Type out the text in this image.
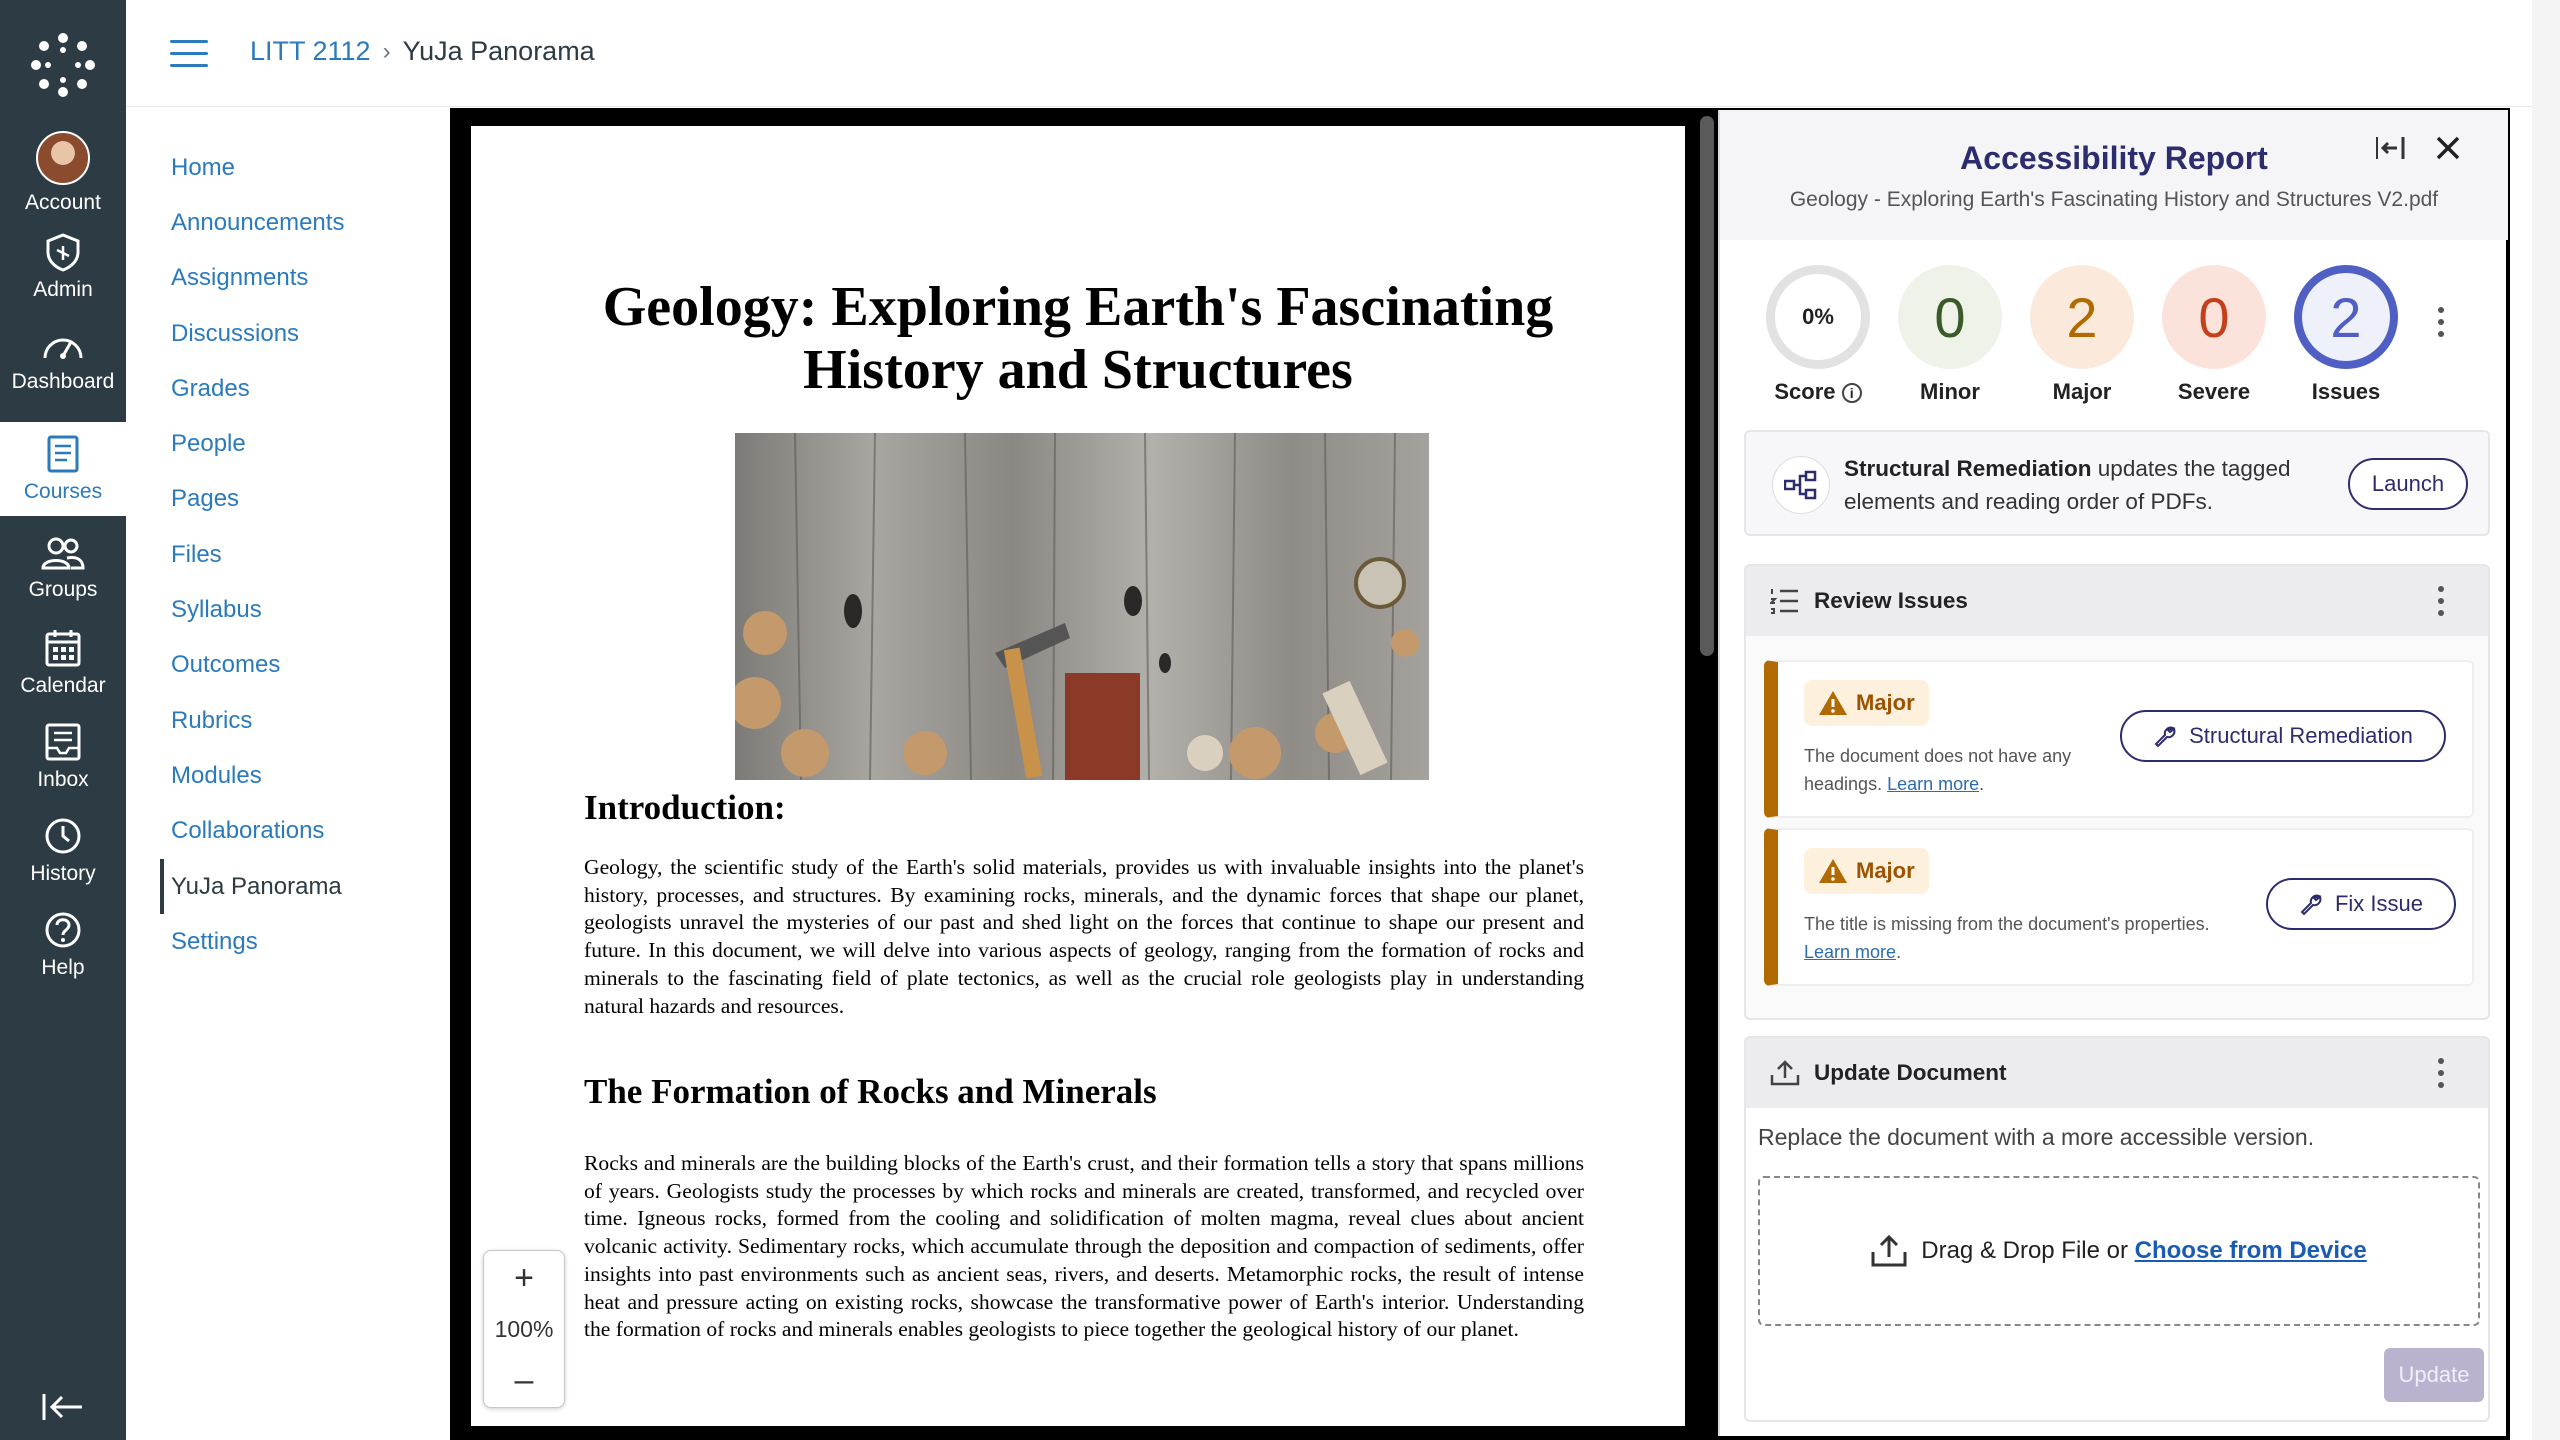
Account
Admin
Dashboard
Courses
Groups
Calendar
Inbox
History
Help
LITT 2112 › YuJa Panorama
Home
Announcements
Assignments
Discussions
Grades
People
Pages
Files
Syllabus
Outcomes
Rubrics
Modules
Collaborations
YuJa Panorama
Settings
Geology: Exploring Earth's Fascinating
History and Structures
Introduction:
Geology, the scientific study of the Earth's solid materials, provides us with invaluable insights into the planet's history, processes, and structures. By examining rocks, minerals, and the dynamic forces that shape our planet, geologists unravel the mysteries of our past and shed light on the forces that continue to shape our present and future. In this document, we will delve into various aspects of geology, ranging from the formation of rocks and minerals to the fascinating field of plate tectonics, as well as the crucial role geologists play in understanding natural hazards and resources.
The Formation of Rocks and Minerals
Rocks and minerals are the building blocks of the Earth's crust, and their formation tells a story that spans millions of years. Geologists study the processes by which rocks and minerals are created, transformed, and recycled over time. Igneous rocks, formed from the cooling and solidification of molten magma, reveal clues about ancient volcanic activity. Sedimentary rocks, which accumulate through the deposition and compaction of sediments, offer insights into past environments such as ancient seas, rivers, and deserts. Metamorphic rocks, the result of intense heat and pressure acting on existing rocks, showcase the transformative power of Earth's interior. Understanding the formation of rocks and minerals enables geologists to piece together the geological history of our planet.
+
100%
–
Accessibility Report
Geology - Exploring Earth's Fascinating History and Structures V2.pdf
0%
Score i
0
Minor
2
Major
0
Severe
2
Issues
Structural Remediation updates the tagged elements and reading order of PDFs.
Launch
Review Issues
Major
The document does not have any headings. Learn more.
Structural Remediation
Major
The title is missing from the document's properties. Learn more.
Fix Issue
Update Document
Replace the document with a more accessible version.
Drag & Drop File or Choose from Device
Update
